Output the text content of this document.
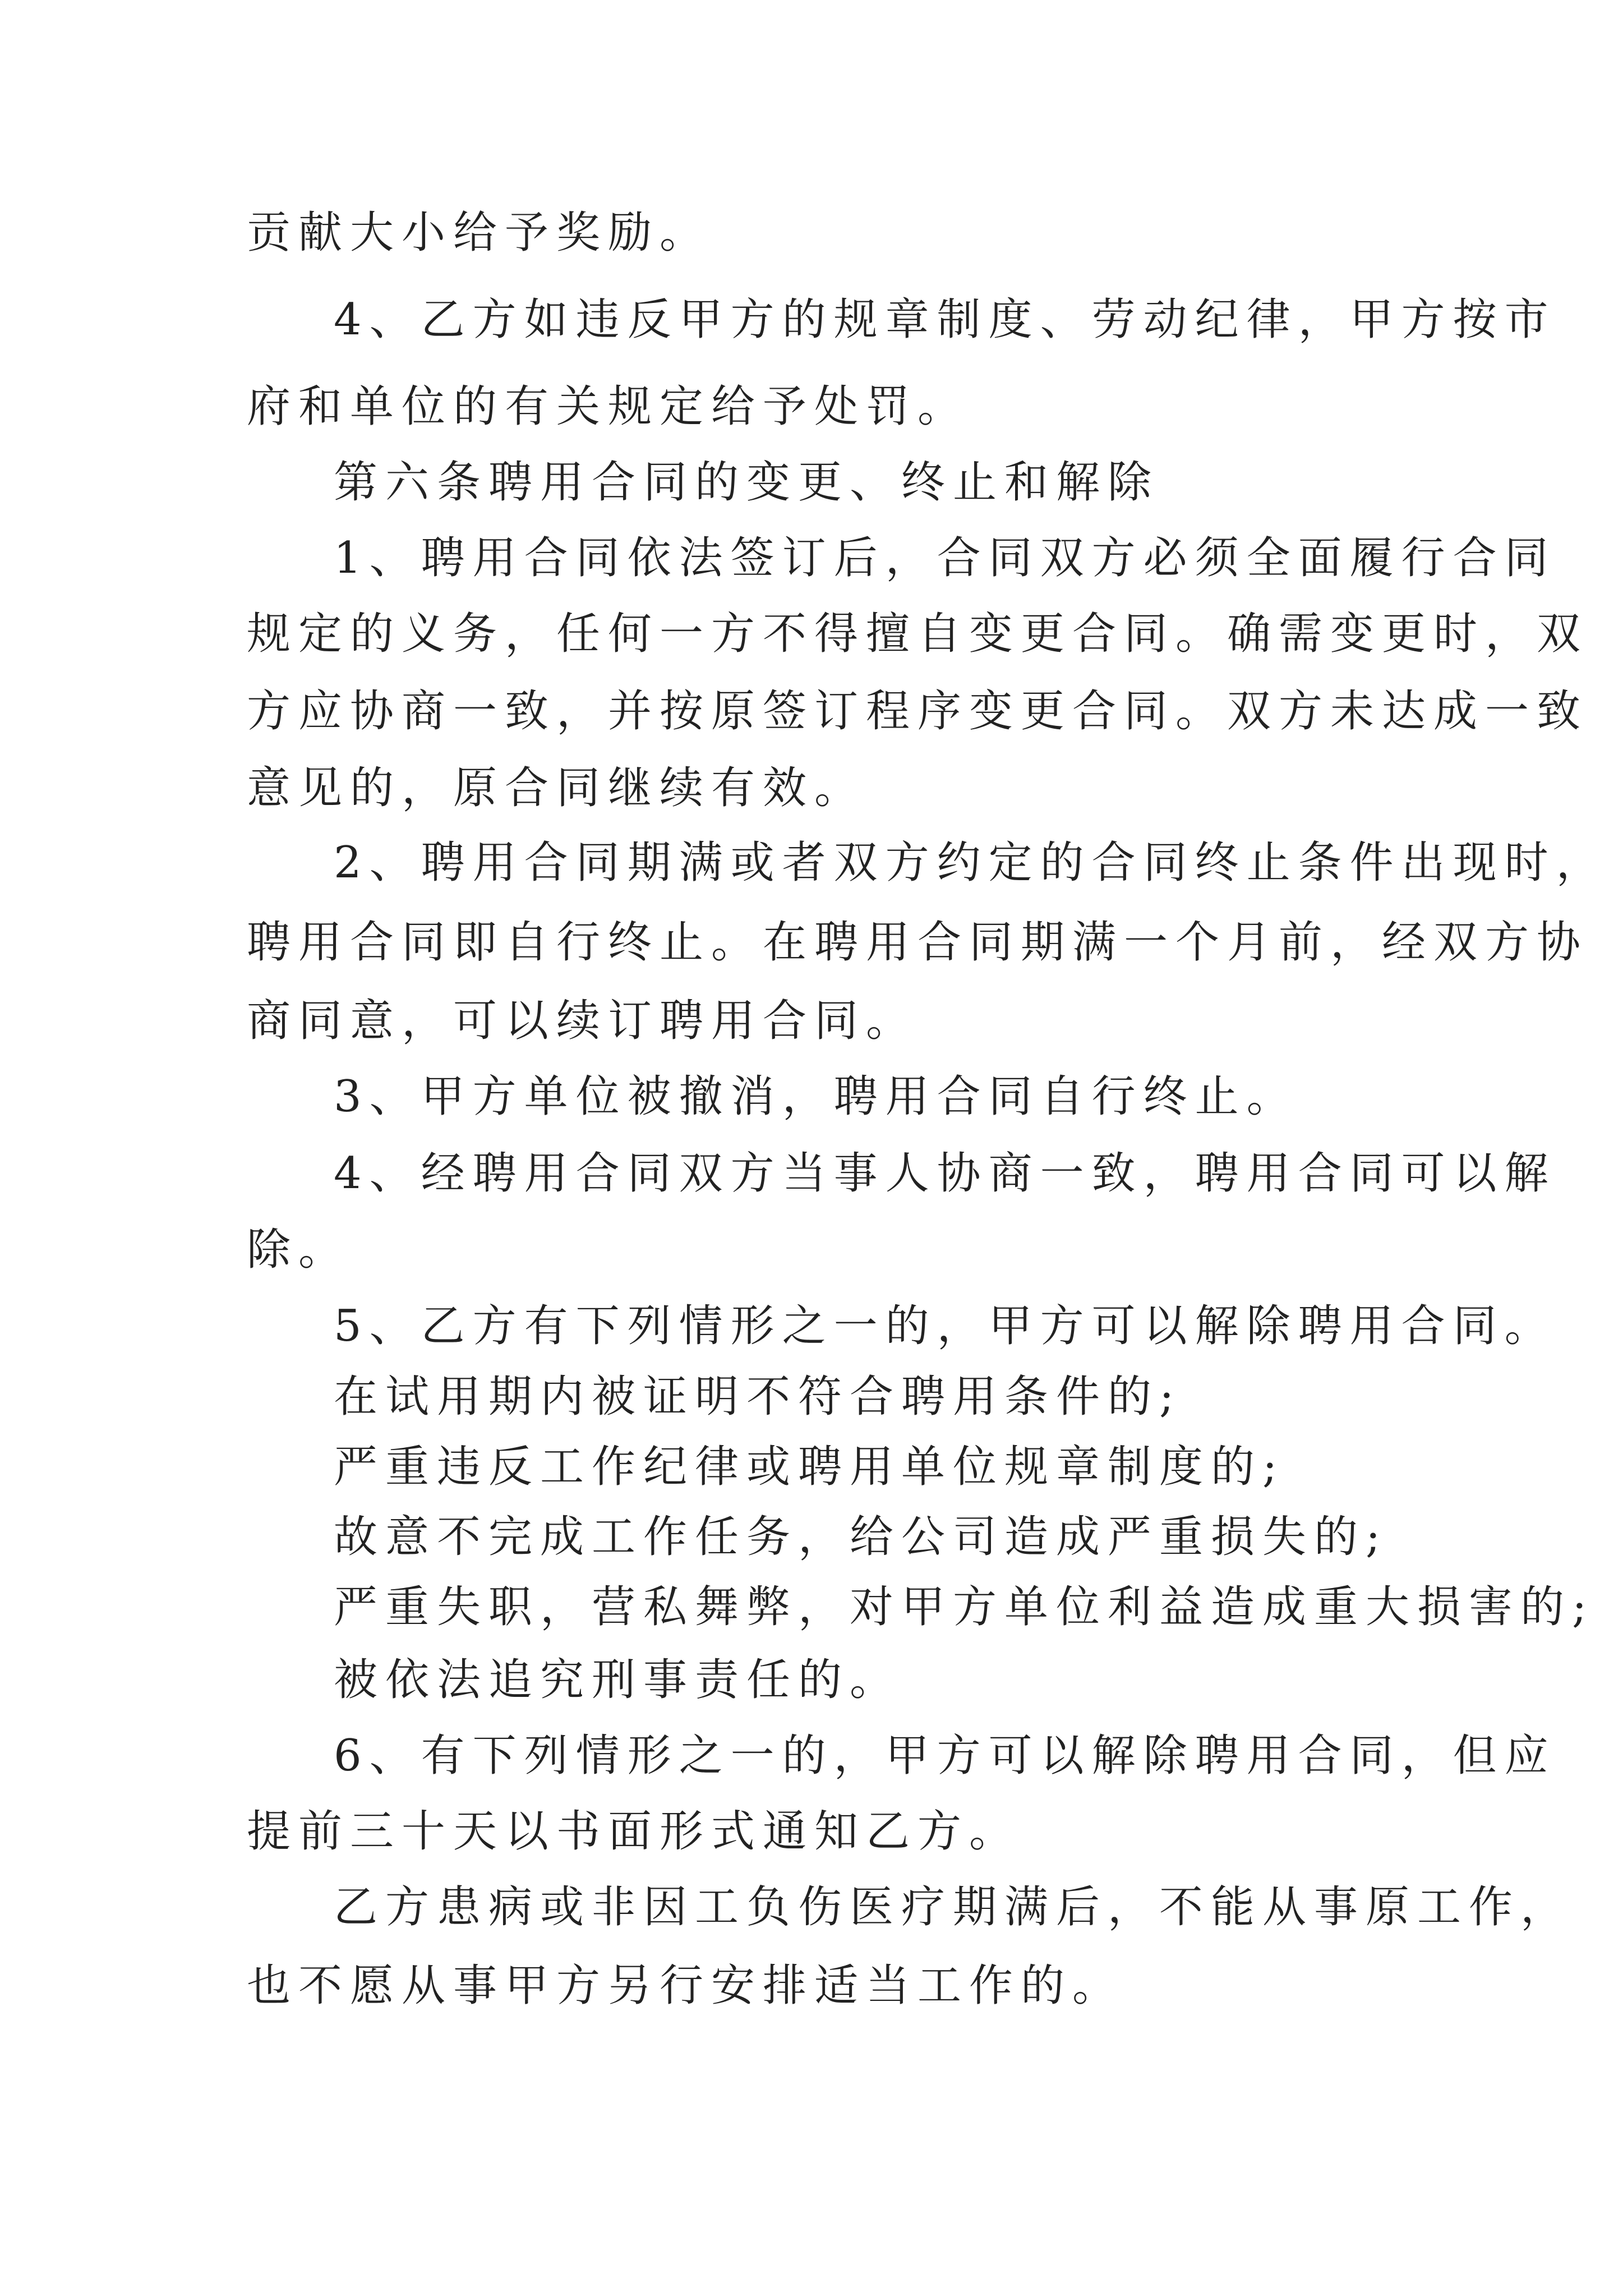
贡献大小给予奖励。
4、乙方如违反甲方的规章制度、劳动纪律，甲方按市
府和单位的有关规定给予处罚。
第六条聘用合同的变更、终止和解除
1、聘用合同依法签订后，合同双方必须全面履行合同
规定的义务，任何一方不得擅自变更合同。确需变更时，双
方应协商一致，并按原签订程序变更合同。双方未达成一致
意见的，原合同继续有效。
2、聘用合同期满或者双方约定的合同终止条件出现时，
聘用合同即自行终止。在聘用合同期满一个月前，经双方协
商同意，可以续订聘用合同。
3、甲方单位被撤消，聘用合同自行终止。
4、经聘用合同双方当事人协商一致，聘用合同可以解
除。
5、乙方有下列情形之一的，甲方可以解除聘用合同。
在试用期内被证明不符合聘用条件的;
严重违反工作纪律或聘用单位规章制度的;
故意不完成工作任务，给公司造成严重损失的;
严重失职，营私舞弊，对甲方单位利益造成重大损害的;
被依法追究刑事责任的。
6、有下列情形之一的，甲方可以解除聘用合同，但应
提前三十天以书面形式通知乙方。
乙方患病或非因工负伤医疗期满后，不能从事原工作，
也不愿从事甲方另行安排适当工作的。
